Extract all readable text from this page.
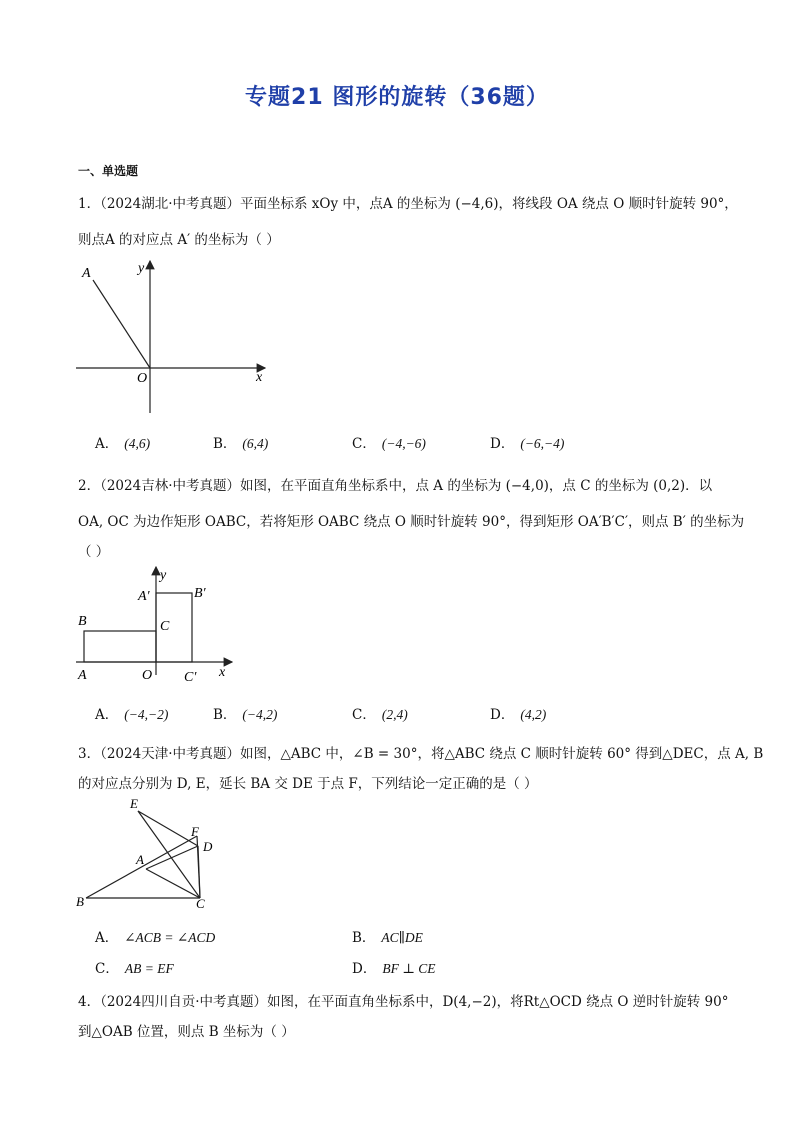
专题21 图形的旋转（36题）
一、单选题
1．（2024湖北·中考真题）平面坐标系 xOy 中，点A 的坐标为 (−4,6)，将线段 OA 绕点 O 顺时针旋转 90°，
则点A 的对应点 A′ 的坐标为（ ）
A
O	x
y
A． (4,6)	B． (6,4)	C． (−4,−6)	D． (−6,−4)
2．（2024吉林·中考真题）如图，在平面直角坐标系中，点 A 的坐标为 (−4,0)，点 C 的坐标为 (0,2)．以
OA, OC 为边作矩形 OABC，若将矩形 OABC 绕点 O 顺时针旋转 90°，得到矩形 OA′B′C′，则点 B′ 的坐标为
（ ）
B
A	O
C
A′	B′
C′ x
y
A． (−4,−2)	B． (−4,2)	C． (2,4)	D． (4,2)
3．（2024天津·中考真题）如图，△ABC 中，∠B = 30°，将△ABC 绕点 C 顺时针旋转 60° 得到△DEC，点 A, B
的对应点分别为 D, E，延长 BA 交 DE 于点 F，下列结论一定正确的是（ ）
B	C
E
F
D
A
A． ∠ACB = ∠ACD	B． AC∥DE
C． AB = EF	D． BF ⊥ CE
4．（2024四川自贡·中考真题）如图，在平面直角坐标系中，D(4,−2)，将Rt△OCD 绕点 O 逆时针旋转 90°
到△OAB 位置，则点 B 坐标为（ ）
